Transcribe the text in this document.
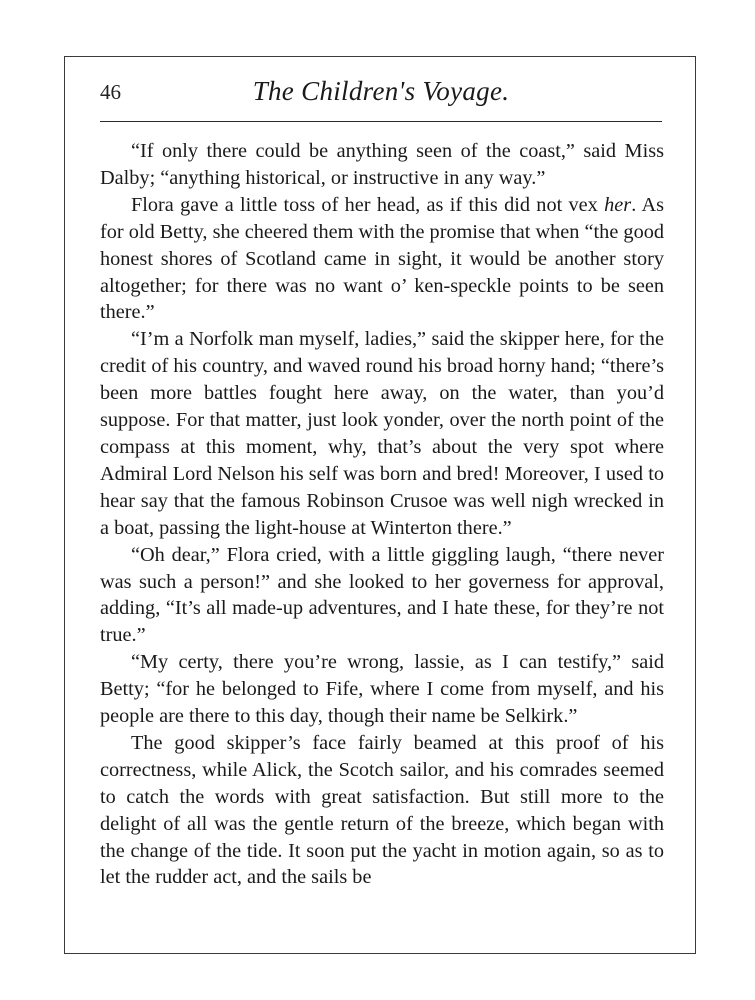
46	The Children's Voyage.

“If only there could be anything seen of the coast,” said Miss Dalby; “anything historical, or instructive in any way.”

Flora gave a little toss of her head, as if this did not vex her. As for old Betty, she cheered them with the promise that when “the good honest shores of Scotland came in sight, it would be another story altogether; for there was no want o’ ken-speckle points to be seen there.”

“I’m a Norfolk man myself, ladies,” said the skipper here, for the credit of his country, and waved round his broad horny hand; “there’s been more battles fought here away, on the water, than you’d suppose. For that matter, just look yonder, over the north point of the compass at this moment, why, that’s about the very spot where Admiral Lord Nelson his self was born and bred! Moreover, I used to hear say that the famous Robinson Crusoe was well nigh wrecked in a boat, passing the light-house at Winterton there.”

“Oh dear,” Flora cried, with a little giggling laugh, “there never was such a person!” and she looked to her governess for approval, adding, “It’s all made-up adventures, and I hate these, for they’re not true.”

“My certy, there you’re wrong, lassie, as I can testify,” said Betty; “for he belonged to Fife, where I come from myself, and his people are there to this day, though their name be Selkirk.”

The good skipper’s face fairly beamed at this proof of his correctness, while Alick, the Scotch sailor, and his comrades seemed to catch the words with great satisfaction. But still more to the delight of all was the gentle return of the breeze, which began with the change of the tide. It soon put the yacht in motion again, so as to let the rudder act, and the sails be
